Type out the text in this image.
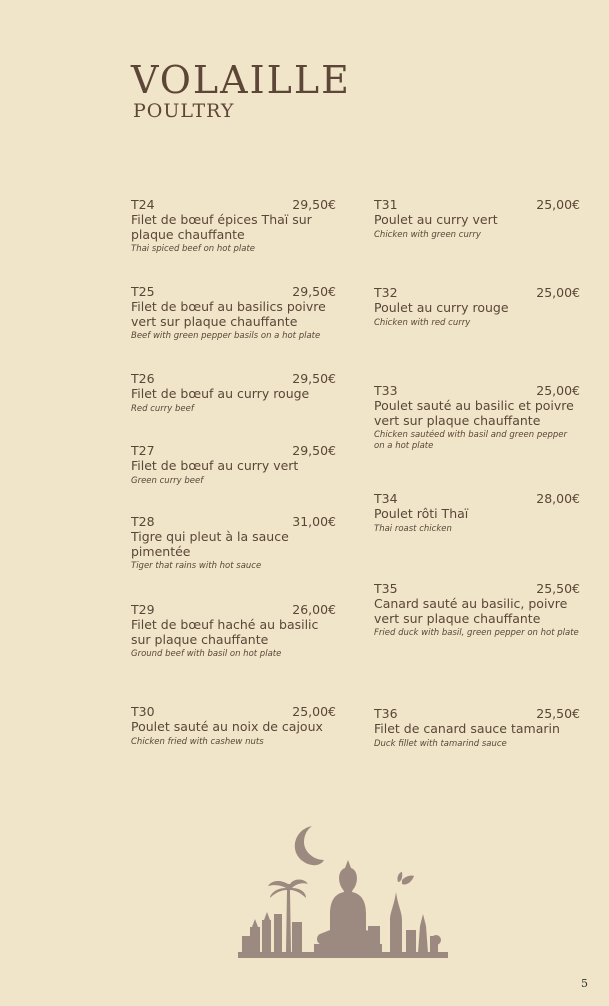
VOLAILLE
POULTRY
T24	29,50€
Filet de bœuf épices Thaï sur plaque chauffante
Thai spiced beef on hot plate
T25	29,50€
Filet de bœuf au basilics poivre vert sur plaque chauffante
Beef with green pepper basils on a hot plate
T26	29,50€
Filet de bœuf au curry rouge
Red curry beef
T27	29,50€
Filet de bœuf au curry vert
Green curry beef
T28	31,00€
Tigre qui pleut à la sauce pimentée
Tiger that rains with hot sauce
T29	26,00€
Filet de bœuf haché au basilic sur plaque chauffante
Ground beef with basil on hot plate
T30	25,00€
Poulet sauté au noix de cajoux
Chicken fried with cashew nuts
T31	25,00€
Poulet au curry vert
Chicken with green curry
T32	25,00€
Poulet au curry rouge
Chicken with red curry
T33	25,00€
Poulet sauté au basilic et poivre vert sur plaque chauffante
Chicken sautéed with basil and green pepper on a hot plate
T34	28,00€
Poulet rôti Thaï
Thai roast chicken
T35	25,50€
Canard sauté au basilic, poivre vert sur plaque chauffante
Fried duck with basil, green pepper on hot plate
T36	25,50€
Filet de canard sauce tamarin
Duck fillet with tamarind sauce
5
